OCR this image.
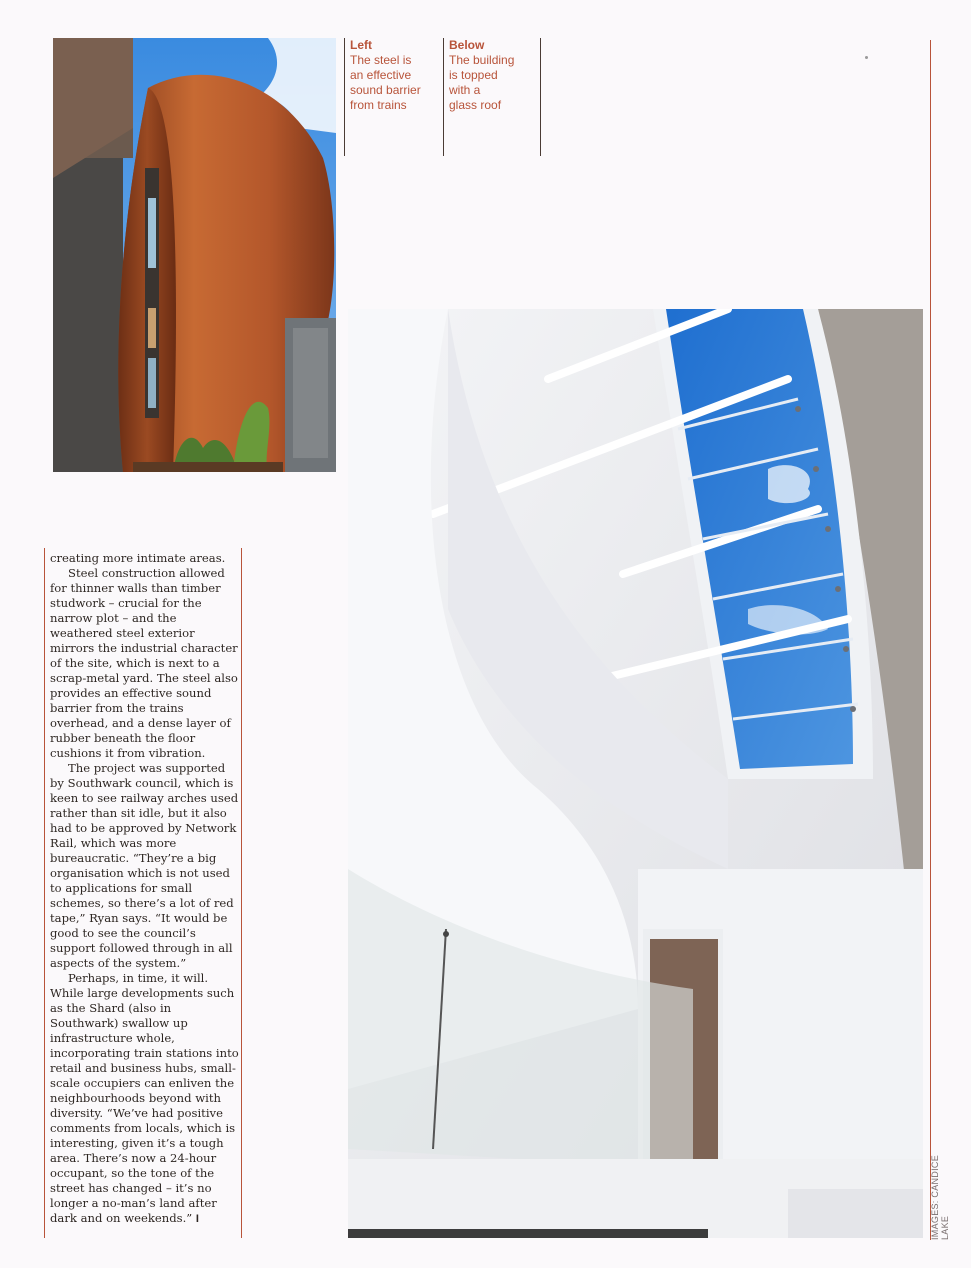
Left
The steel is
an effective
sound barrier
from trains
Below
The building
is topped
with a
glass roof

creating more intimate areas.

Steel construction allowed for thinner walls than timber studwork – crucial for the narrow plot – and the weathered steel exterior mirrors the industrial character of the site, which is next to a scrap-metal yard. The steel also provides an effective sound barrier from the trains overhead, and a dense layer of rubber beneath the floor cushions it from vibration.

The project was supported by Southwark council, which is keen to see railway arches used rather than sit idle, but it also had to be approved by Network Rail, which was more bureaucratic. “They’re a big organisation which is not used to applications for small schemes, so there’s a lot of red tape,” Ryan says. “It would be good to see the council’s support followed through in all aspects of the system.”

Perhaps, in time, it will. While large developments such as the Shard (also in Southwark) swallow up infrastructure whole, incorporating train stations into retail and business hubs, small-scale occupiers can enliven the neighbourhoods beyond with diversity. “We’ve had positive comments from locals, which is interesting, given it’s a tough area. There’s now a 24-hour occupant, so the tone of the street has changed – it’s no longer a no-man’s land after dark and on weekends.” I	IMAGES: CANDICE LAKE
